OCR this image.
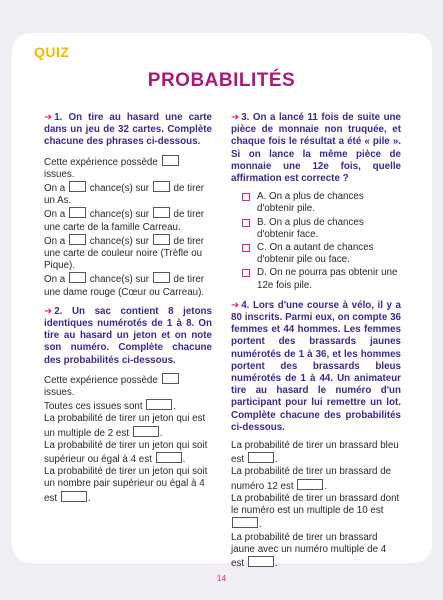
QUIZ
PROBABILITÉS

➜ 1. On tire au hasard une carte dans un jeu de 32 cartes. Complète chacune des phrases ci-dessous.

Cette expérience possède  issues.

On a chance(s) sur de tirer un As.

On a chance(s) sur de tirer une carte de la famille Carreau.

On a chance(s) sur de tirer une carte de couleur noire (Trèfle ou Pique).

On a chance(s) sur de tirer une dame rouge (Cœur ou Carreau).

➜ 2. Un sac contient 8 jetons identiques numérotés de 1 à 8. On tire au hasard un jeton et on note son numéro. Complète chacune des probabilités ci-dessous.

Cette expérience possède  issues.

Toutes ces issues sont	.

La probabilité de tirer un jeton qui est un multiple de 2 est	.

La probabilité de tirer un jeton qui soit supérieur ou égal à 4 est	.

La probabilité de tirer un jeton qui soit un nombre pair supérieur ou égal à 4 est	.

➜ 3. On a lancé 11 fois de suite une pièce de monnaie non truquée, et chaque fois le résultat a été « pile ». Si on lance la même pièce de monnaie une 12e fois, quelle affirmation est correcte ?

A. On a plus de chances d'obtenir pile.
B. On a plus de chances d'obtenir face.
C. On a autant de chances d'obtenir pile ou face.
D. On ne pourra pas obtenir une 12e fois pile.

➜ 4. Lors d'une course à vélo, il y a 80 inscrits. Parmi eux, on compte 36 femmes et 44 hommes. Les femmes portent des brassards jaunes numérotés de 1 à 36, et les hommes portent des brassards bleus numérotés de 1 à 44. Un animateur tire au hasard le numéro d'un participant pour lui remettre un lot. Complète chacune des probabilités ci-dessous.

La probabilité de tirer un brassard bleu est	.

La probabilité de tirer un brassard de numéro 12 est	.

La probabilité de tirer un brassard dont le numéro est un multiple de 10 est .

La probabilité de tirer un brassard jaune avec un numéro multiple de 4 est	.

14
